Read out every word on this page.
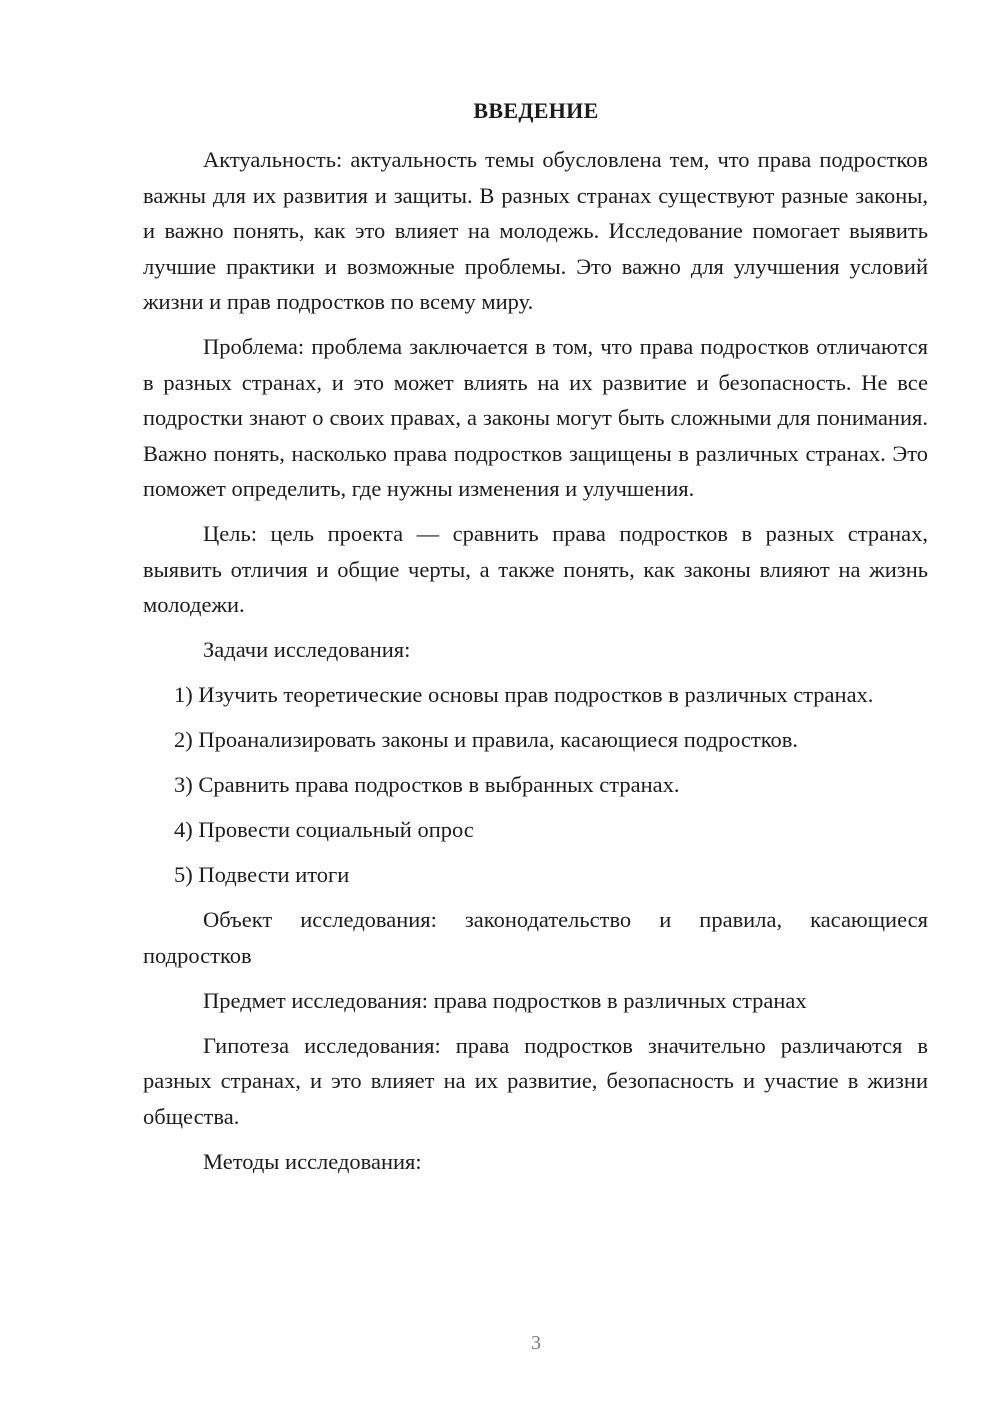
ВВЕДЕНИЕ

Актуальность: актуальность темы обусловлена тем, что права подростков важны для их развития и защиты. В разных странах существуют разные законы, и важно понять, как это влияет на молодежь. Исследование помогает выявить лучшие практики и возможные проблемы. Это важно для улучшения условий жизни и прав подростков по всему миру.

Проблема: проблема заключается в том, что права подростков отличаются в разных странах, и это может влиять на их развитие и безопасность. Не все подростки знают о своих правах, а законы могут быть сложными для понимания. Важно понять, насколько права подростков защищены в различных странах. Это поможет определить, где нужны изменения и улучшения.

Цель: цель проекта — сравнить права подростков в разных странах, выявить отличия и общие черты, а также понять, как законы влияют на жизнь молодежи.

Задачи исследования:

1) Изучить теоретические основы прав подростков в различных странах.

2) Проанализировать законы и правила, касающиеся подростков.

3) Сравнить права подростков в выбранных странах.

4) Провести социальный опрос

5) Подвести итоги

Объект исследования: законодательство и правила, касающиеся подростков

Предмет исследования: права подростков в различных странах

Гипотеза исследования: права подростков значительно различаются в разных странах, и это влияет на их развитие, безопасность и участие в жизни общества.

Методы исследования:

3
